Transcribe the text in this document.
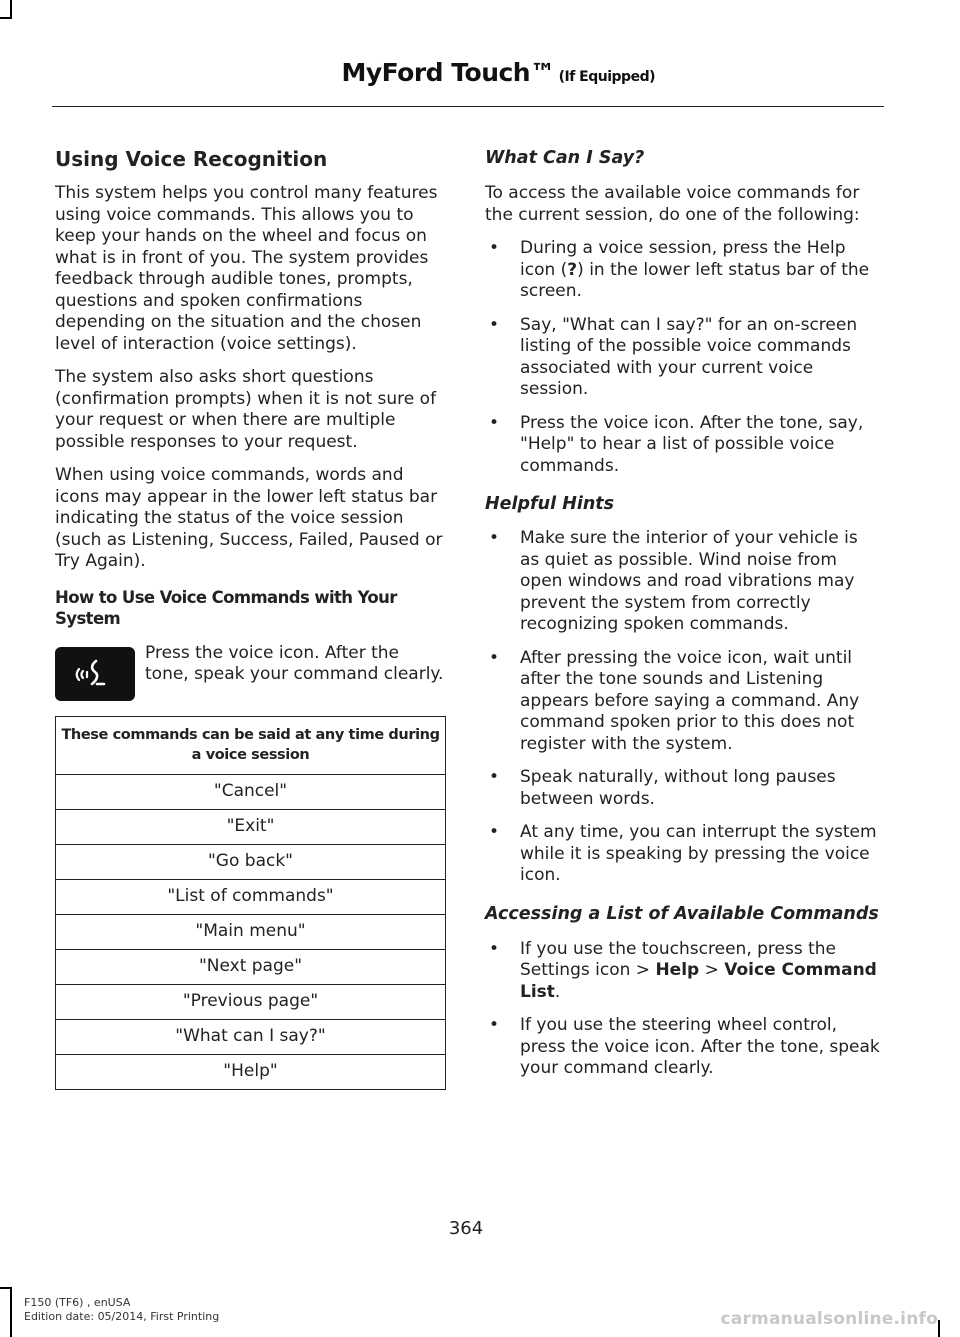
MyFord Touch™ (If Equipped)
Using Voice Recognition

This system helps you control many features using voice commands. This allows you to keep your hands on the wheel and focus on what is in front of you. The system provides feedback through audible tones, prompts, questions and spoken confirmations depending on the situation and the chosen level of interaction (voice settings).

The system also asks short questions (confirmation prompts) when it is not sure of your request or when there are multiple possible responses to your request.

When using voice commands, words and icons may appear in the lower left status bar indicating the status of the voice session (such as Listening, Success, Failed, Paused or Try Again).

How to Use Voice Commands with Your System
Press the voice icon. After the tone, speak your command clearly.
These commands can be said at any time during a voice session
"Cancel"
"Exit"
"Go back"
"List of commands"
"Main menu"
"Next page"
"Previous page"
"What can I say?"
"Help"
What Can I Say?

To access the available voice commands for the current session, do one of the following:

• During a voice session, press the Help icon (?) in the lower left status bar of the screen.
• Say, "What can I say?" for an on-screen listing of the possible voice commands associated with your current voice session.
• Press the voice icon. After the tone, say, "Help" to hear a list of possible voice commands.
Helpful Hints
• Make sure the interior of your vehicle is as quiet as possible. Wind noise from open windows and road vibrations may prevent the system from correctly recognizing spoken commands.
• After pressing the voice icon, wait until after the tone sounds and Listening appears before saying a command. Any command spoken prior to this does not register with the system.
• Speak naturally, without long pauses between words.
• At any time, you can interrupt the system while it is speaking by pressing the voice icon.
Accessing a List of Available Commands
• If you use the touchscreen, press the Settings icon > Help > Voice Command List.
• If you use the steering wheel control, press the voice icon. After the tone, speak your command clearly.
364
F150 (TF6) , enUSA
Edition date: 05/2014, First Printing	carmanualsonline.info
